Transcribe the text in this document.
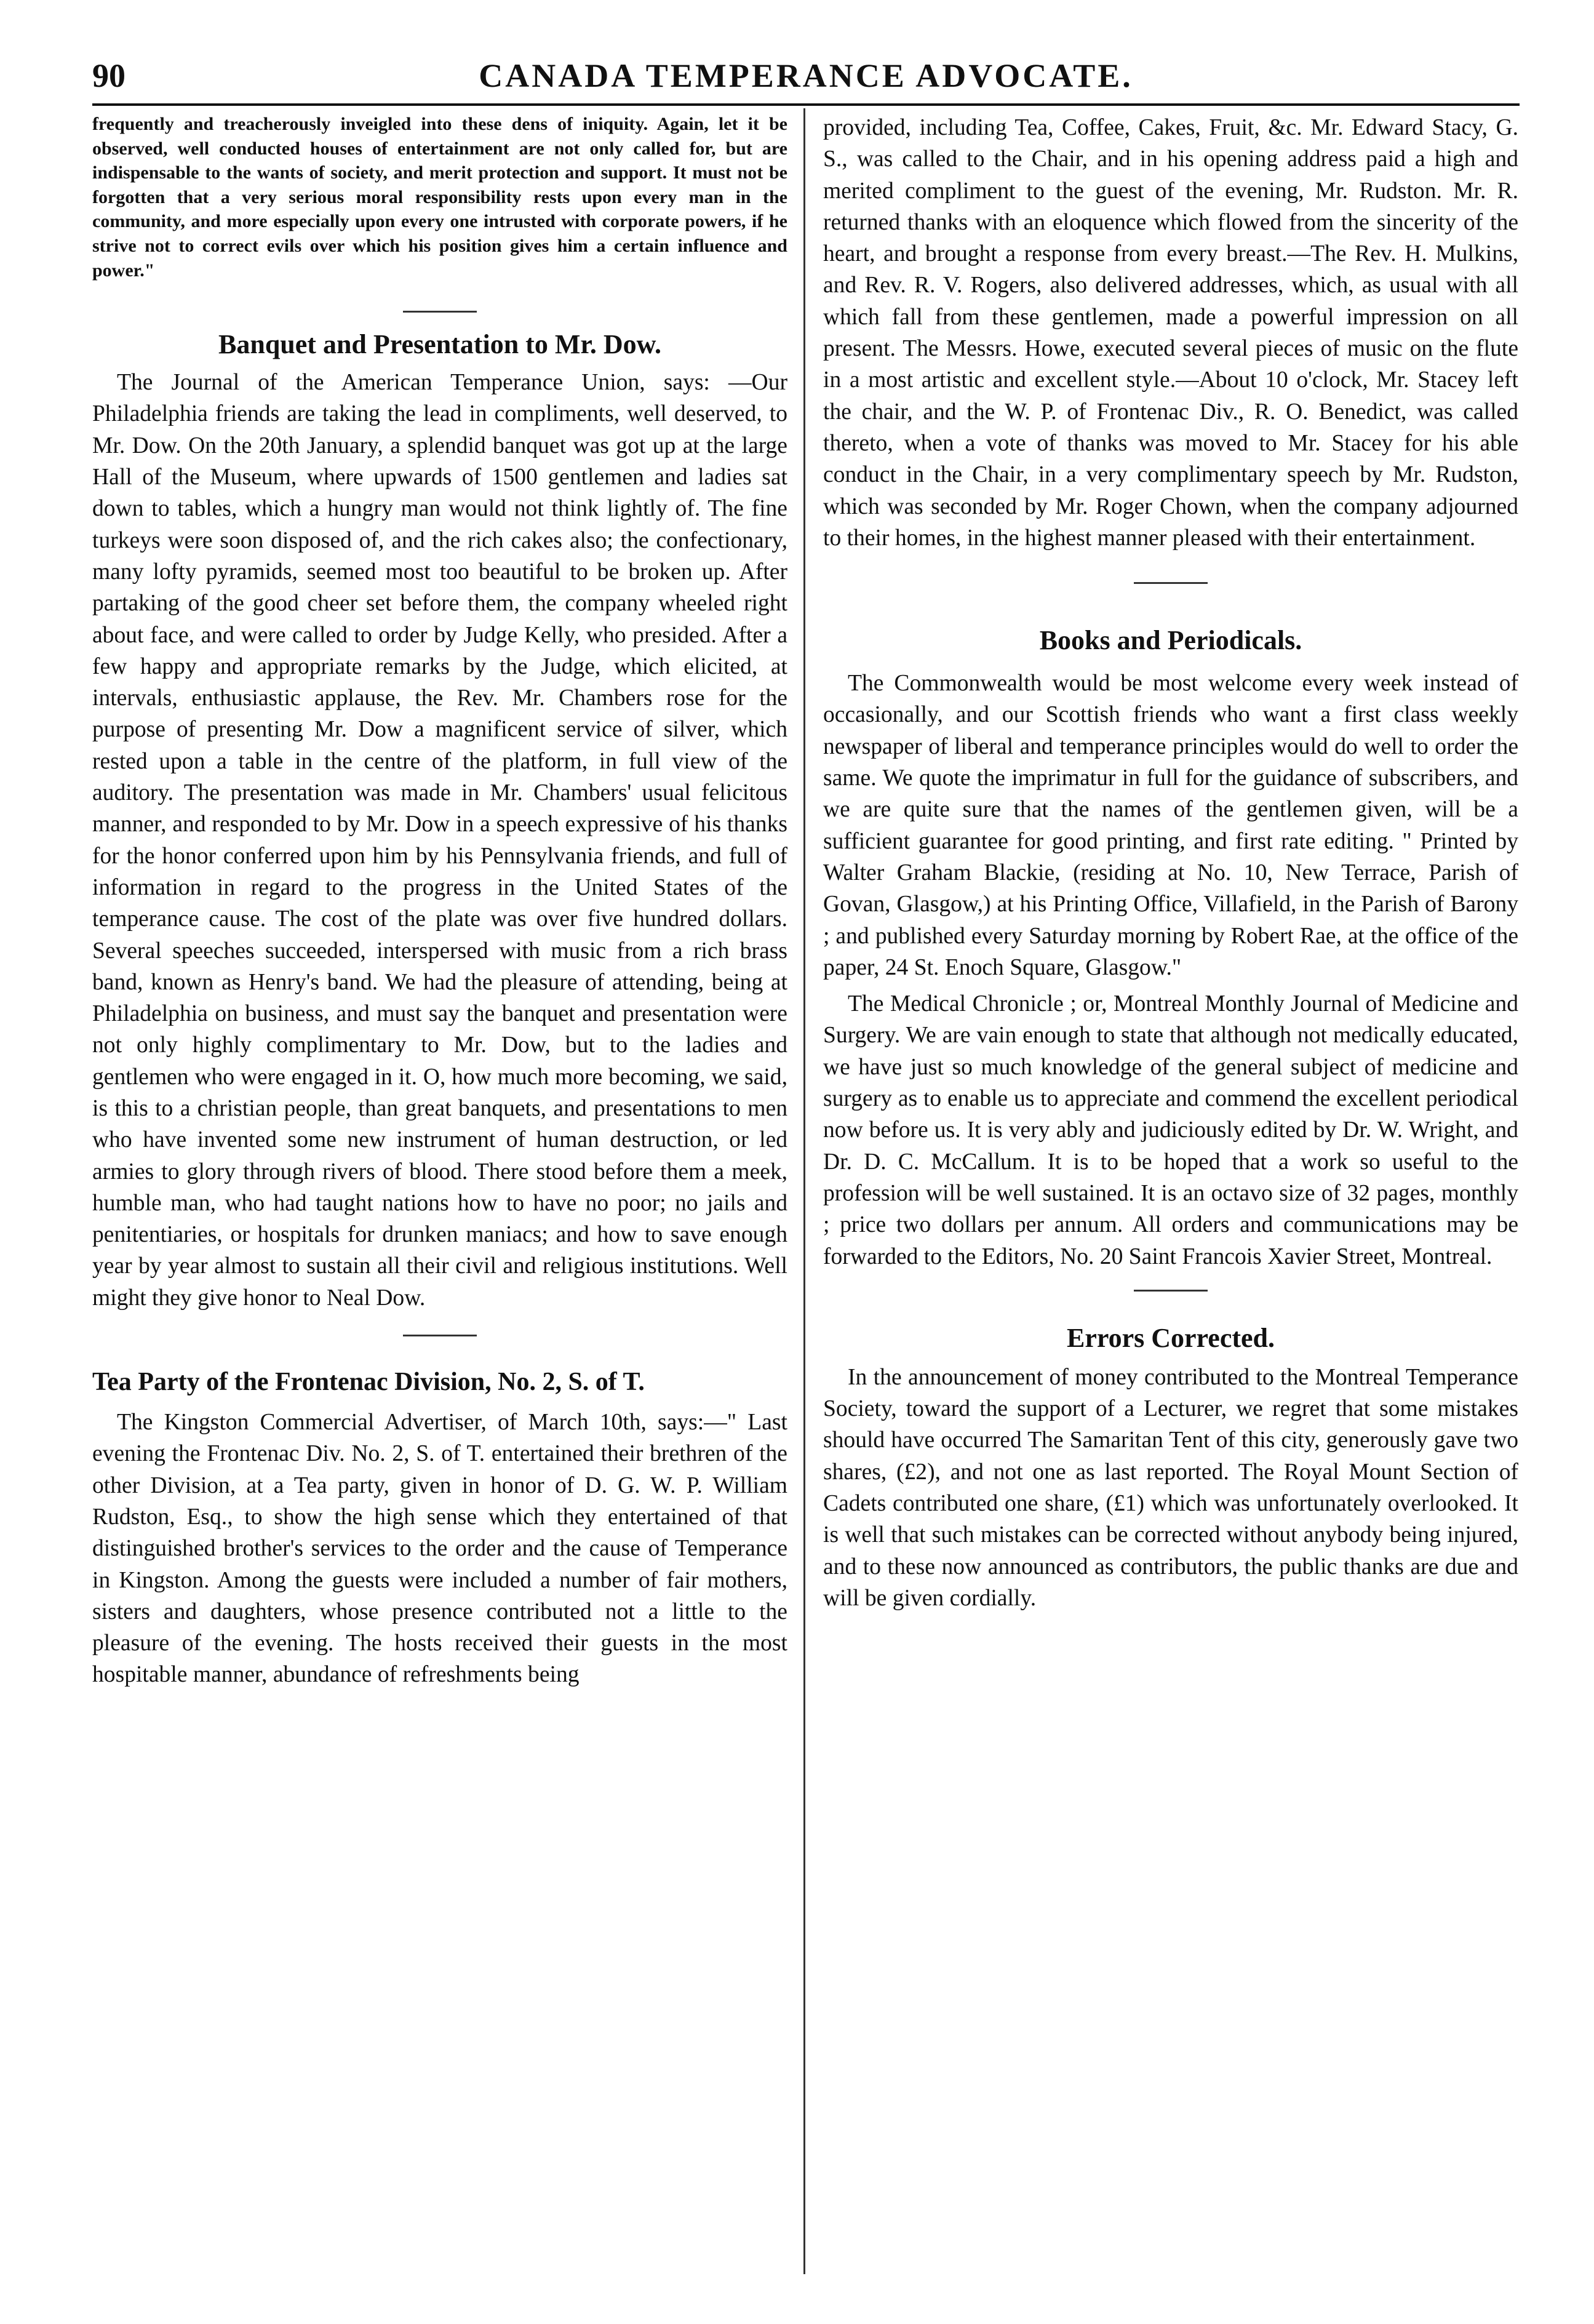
90	CANADA TEMPERANCE ADVOCATE.

frequently and treacherously inveigled into these dens of iniquity. Again, let it be observed, well conducted houses of entertainment are not only called for, but are indispensable to the wants of society, and merit protection and support. It must not be forgotten that a very serious moral responsibility rests upon every man in the community, and more especially upon every one intrusted with corporate powers, if he strive not to correct evils over which his position gives him a certain influence and power."

Banquet and Presentation to Mr. Dow.

The Journal of the American Temperance Union, says: —Our Philadelphia friends are taking the lead in compliments, well deserved, to Mr. Dow. On the 20th January, a splendid banquet was got up at the large Hall of the Museum, where upwards of 1500 gentlemen and ladies sat down to tables, which a hungry man would not think lightly of. The fine turkeys were soon disposed of, and the rich cakes also; the confectionary, many lofty pyramids, seemed most too beautiful to be broken up. After partaking of the good cheer set before them, the company wheeled right about face, and were called to order by Judge Kelly, who presided. After a few happy and appropriate remarks by the Judge, which elicited, at intervals, enthusiastic applause, the Rev. Mr. Chambers rose for the purpose of presenting Mr. Dow a magnificent service of silver, which rested upon a table in the centre of the platform, in full view of the auditory. The presentation was made in Mr. Chambers' usual felicitous manner, and responded to by Mr. Dow in a speech expressive of his thanks for the honor conferred upon him by his Pennsylvania friends, and full of information in regard to the progress in the United States of the temperance cause. The cost of the plate was over five hundred dollars. Several speeches succeeded, interspersed with music from a rich brass band, known as Henry's band. We had the pleasure of attending, being at Philadelphia on business, and must say the banquet and presentation were not only highly complimentary to Mr. Dow, but to the ladies and gentlemen who were engaged in it. O, how much more becoming, we said, is this to a christian people, than great banquets, and presentations to men who have invented some new instrument of human destruction, or led armies to glory through rivers of blood. There stood before them a meek, humble man, who had taught nations how to have no poor; no jails and penitentiaries, or hospitals for drunken maniacs; and how to save enough year by year almost to sustain all their civil and religious institutions. Well might they give honor to Neal Dow.

Tea Party of the Frontenac Division, No. 2, S. of T.

The Kingston Commercial Advertiser, of March 10th, says:—" Last evening the Frontenac Div. No. 2, S. of T. entertained their brethren of the other Division, at a Tea party, given in honor of D. G. W. P. William Rudston, Esq., to show the high sense which they entertained of that distinguished brother's services to the order and the cause of Temperance in Kingston. Among the guests were included a number of fair mothers, sisters and daughters, whose presence contributed not a little to the pleasure of the evening. The hosts received their guests in the most hospitable manner, abundance of refreshments being

provided, including Tea, Coffee, Cakes, Fruit, &c. Mr. Edward Stacy, G. S., was called to the Chair, and in his opening address paid a high and merited compliment to the guest of the evening, Mr. Rudston. Mr. R. returned thanks with an eloquence which flowed from the sincerity of the heart, and brought a response from every breast.—The Rev. H. Mulkins, and Rev. R. V. Rogers, also delivered addresses, which, as usual with all which fall from these gentlemen, made a powerful impression on all present. The Messrs. Howe, executed several pieces of music on the flute in a most artistic and excellent style.—About 10 o'clock, Mr. Stacey left the chair, and the W. P. of Frontenac Div., R. O. Benedict, was called thereto, when a vote of thanks was moved to Mr. Stacey for his able conduct in the Chair, in a very complimentary speech by Mr. Rudston, which was seconded by Mr. Roger Chown, when the company adjourned to their homes, in the highest manner pleased with their entertainment.

Books and Periodicals.

The Commonwealth would be most welcome every week instead of occasionally, and our Scottish friends who want a first class weekly newspaper of liberal and temperance principles would do well to order the same. We quote the imprimatur in full for the guidance of subscribers, and we are quite sure that the names of the gentlemen given, will be a sufficient guarantee for good printing, and first rate editing. " Printed by Walter Graham Blackie, (residing at No. 10, New Terrace, Parish of Govan, Glasgow,) at his Printing Office, Villafield, in the Parish of Barony ; and published every Saturday morning by Robert Rae, at the office of the paper, 24 St. Enoch Square, Glasgow."

The Medical Chronicle ; or, Montreal Monthly Journal of Medicine and Surgery. We are vain enough to state that although not medically educated, we have just so much knowledge of the general subject of medicine and surgery as to enable us to appreciate and commend the excellent periodical now before us. It is very ably and judiciously edited by Dr. W. Wright, and Dr. D. C. McCallum. It is to be hoped that a work so useful to the profession will be well sustained. It is an octavo size of 32 pages, monthly ; price two dollars per annum. All orders and communications may be forwarded to the Editors, No. 20 Saint Francois Xavier Street, Montreal.

Errors Corrected.

In the announcement of money contributed to the Montreal Temperance Society, toward the support of a Lecturer, we regret that some mistakes should have occurred The Samaritan Tent of this city, generously gave two shares, (£2), and not one as last reported. The Royal Mount Section of Cadets contributed one share, (£1) which was unfortunately overlooked. It is well that such mistakes can be corrected without anybody being injured, and to these now announced as contributors, the public thanks are due and will be given cordially.
